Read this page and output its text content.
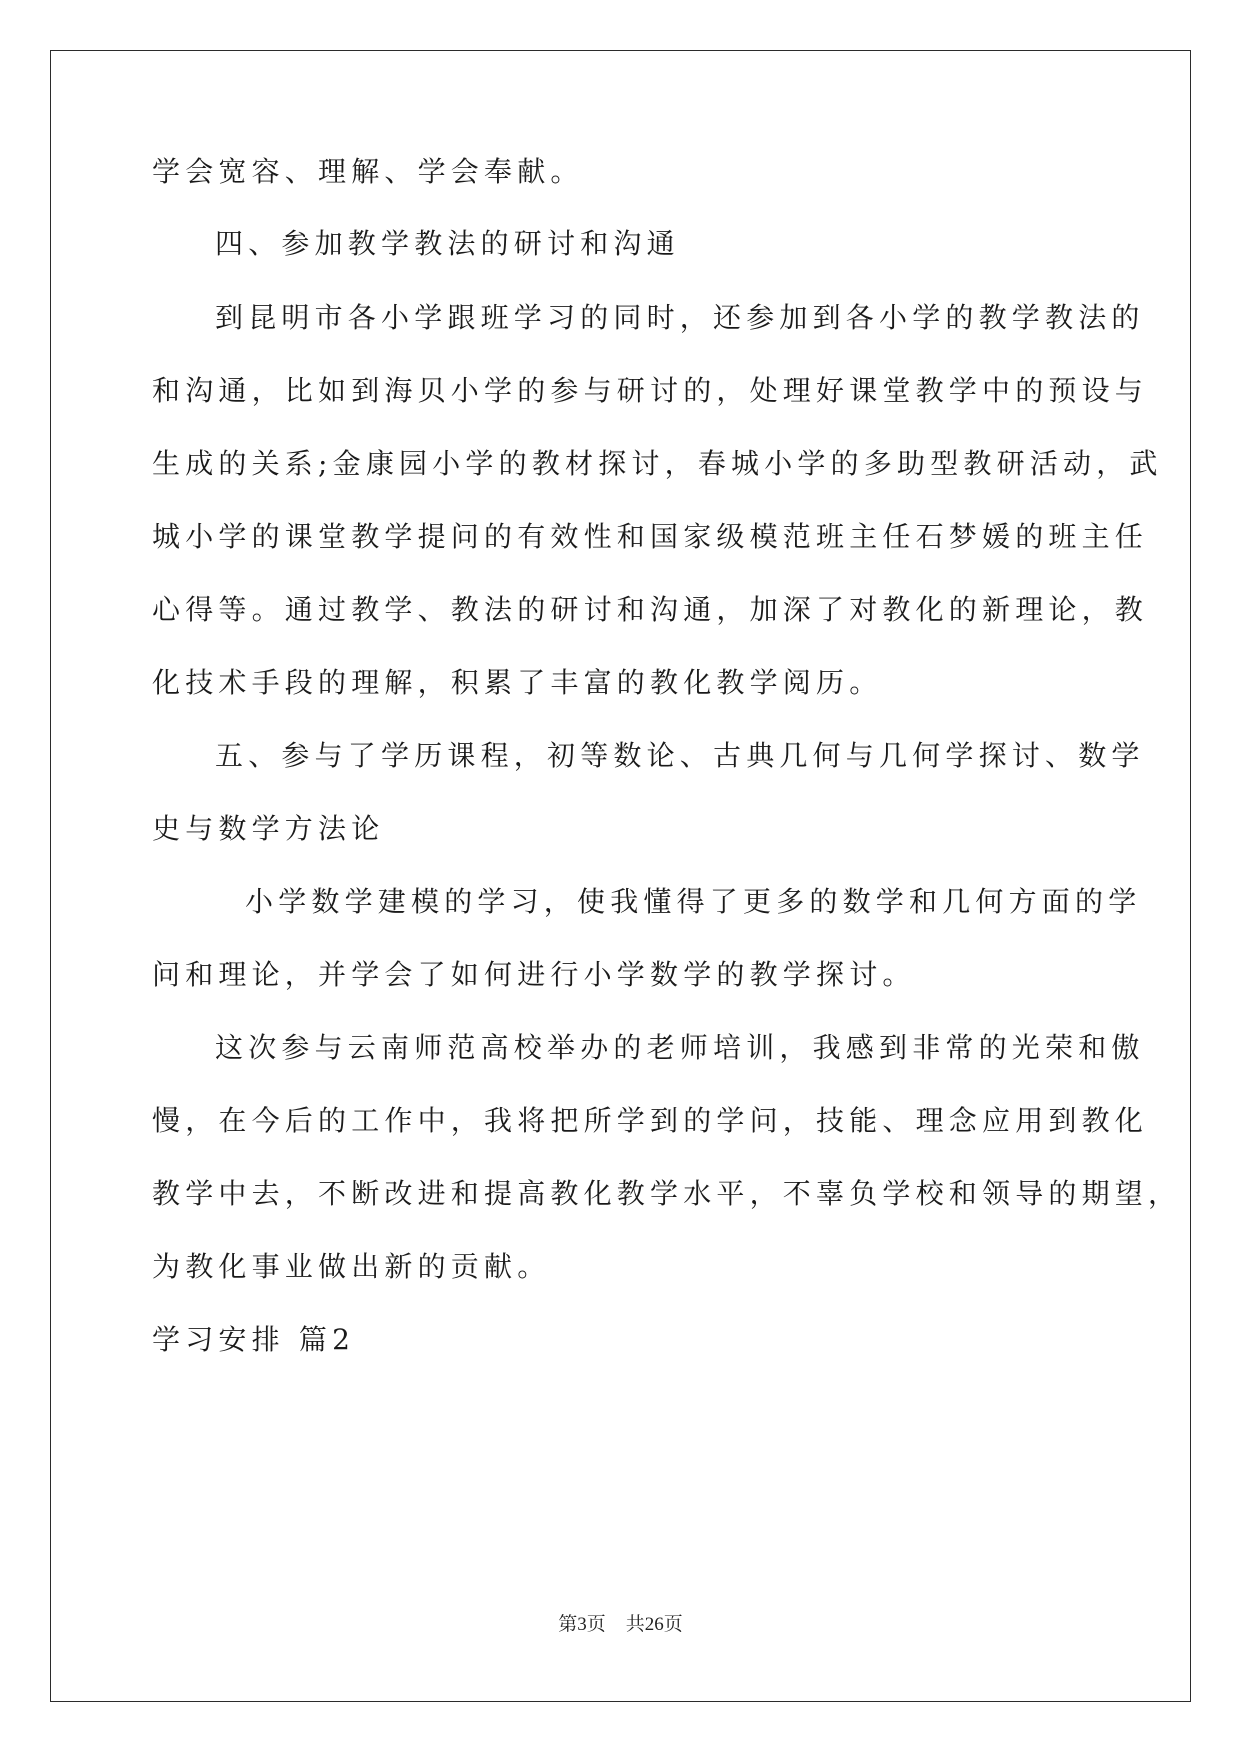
学会宽容、理解、学会奉献。
四、参加教学教法的研讨和沟通
到昆明市各小学跟班学习的同时，还参加到各小学的教学教法的
和沟通，比如到海贝小学的参与研讨的，处理好课堂教学中的预设与
生成的关系;金康园小学的教材探讨，春城小学的多助型教研活动，武
城小学的课堂教学提问的有效性和国家级模范班主任石梦媛的班主任
心得等。通过教学、教法的研讨和沟通，加深了对教化的新理论，教
化技术手段的理解，积累了丰富的教化教学阅历。
五、参与了学历课程，初等数论、古典几何与几何学探讨、数学
史与数学方法论
小学数学建模的学习，使我懂得了更多的数学和几何方面的学
问和理论，并学会了如何进行小学数学的教学探讨。
这次参与云南师范高校举办的老师培训，我感到非常的光荣和傲
慢，在今后的工作中，我将把所学到的学问，技能、理念应用到教化
教学中去，不断改进和提高教化教学水平，不辜负学校和领导的期望，
为教化事业做出新的贡献。
学习安排 篇2
第3页 共26页
